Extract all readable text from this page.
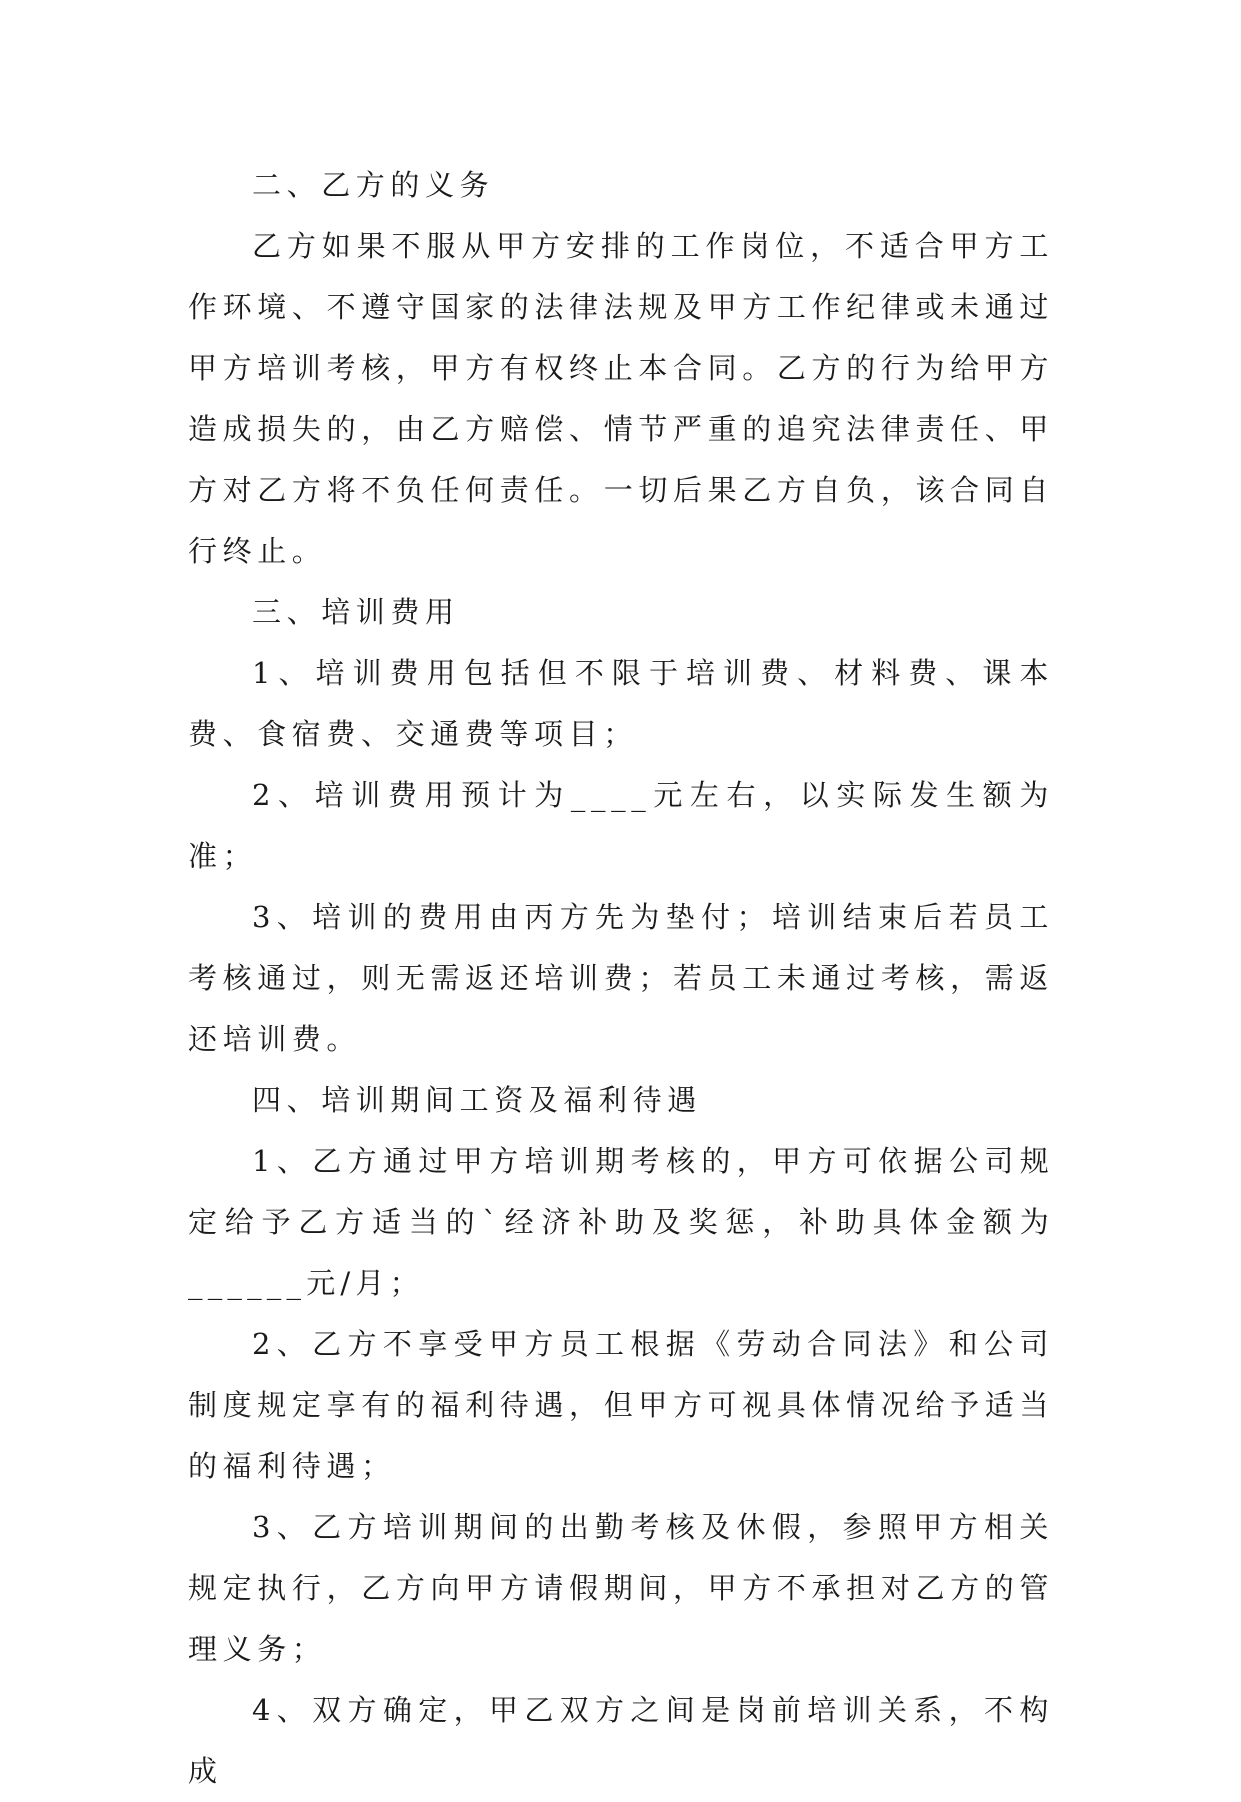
二、乙方的义务

乙方如果不服从甲方安排的工作岗位，不适合甲方工作环境、不遵守国家的法律法规及甲方工作纪律或未通过甲方培训考核，甲方有权终止本合同。乙方的行为给甲方造成损失的，由乙方赔偿、情节严重的追究法律责任、甲方对乙方将不负任何责任。一切后果乙方自负，该合同自行终止。

三、培训费用

1、培训费用包括但不限于培训费、材料费、课本费、食宿费、交通费等项目；

2、培训费用预计为____元左右，以实际发生额为准；

3、培训的费用由丙方先为垫付；培训结束后若员工考核通过，则无需返还培训费；若员工未通过考核，需返还培训费。

四、培训期间工资及福利待遇

1、乙方通过甲方培训期考核的，甲方可依据公司规定给予乙方适当的`经济补助及奖惩，补助具体金额为______元/月；

2、乙方不享受甲方员工根据《劳动合同法》和公司制度规定享有的福利待遇，但甲方可视具体情况给予适当的福利待遇；

3、乙方培训期间的出勤考核及休假，参照甲方相关规定执行，乙方向甲方请假期间，甲方不承担对乙方的管理义务；

4、双方确定，甲乙双方之间是岗前培训关系，不构成
